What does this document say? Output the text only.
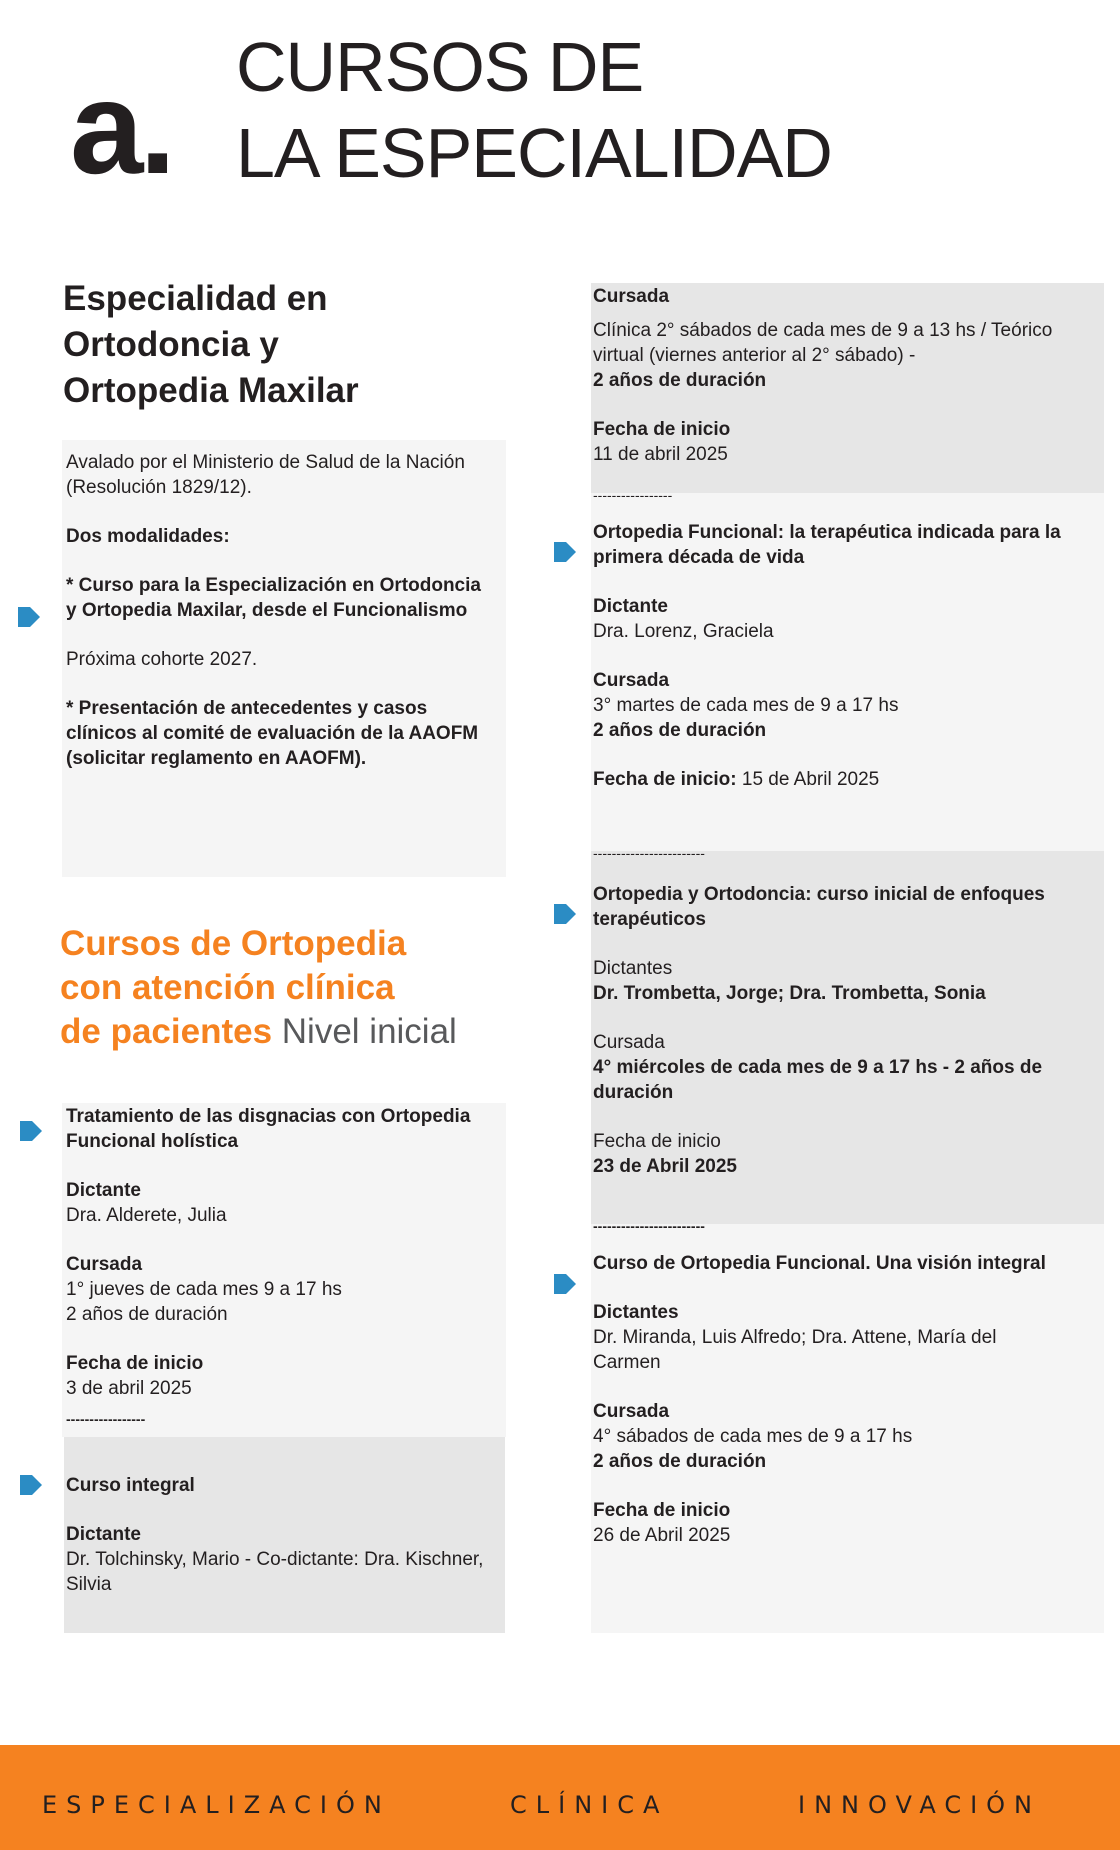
a. CURSOS DE
LA ESPECIALIDAD
Especialidad en
Ortodoncia y
Ortopedia Maxilar
Avalado por el Ministerio de Salud de la Nación (Resolución 1829/12).
Dos modalidades:
* Curso para la Especialización en Ortodoncia y Ortopedia Maxilar, desde el Funcionalismo
Próxima cohorte 2027.
* Presentación de antecedentes y casos clínicos al comité de evaluación de la AAOFM (solicitar reglamento en AAOFM).
Cursos de Ortopedia
con atención clínica
de pacientes Nivel inicial
Tratamiento de las disgnacias con Ortopedia Funcional holística
Dictante
Dra. Alderete, Julia
Cursada
1° jueves de cada mes 9 a 17 hs
2 años de duración
Fecha de inicio
3 de abril 2025
-----------------
Curso integral
Dictante
Dr. Tolchinsky, Mario - Co-dictante: Dra. Kischner, Silvia
Cursada
Clínica 2° sábados de cada mes de 9 a 13 hs / Teórico virtual (viernes anterior al 2° sábado) -
2 años de duración
Fecha de inicio
11 de abril 2025
-----------------
Ortopedia Funcional: la terapéutica indicada para la primera década de vida
Dictante
Dra. Lorenz, Graciela
Cursada
3° martes de cada mes de 9 a 17 hs
2 años de duración
Fecha de inicio: 15 de Abril 2025
------------------------
Ortopedia y Ortodoncia: curso inicial de enfoques terapéuticos
Dictantes
Dr. Trombetta, Jorge; Dra. Trombetta, Sonia
Cursada
4° miércoles de cada mes de 9 a 17 hs - 2 años de duración
Fecha de inicio
23 de Abril 2025
------------------------
Curso de Ortopedia Funcional. Una visión integral
Dictantes
Dr. Miranda, Luis Alfredo; Dra. Attene, María del Carmen
Cursada
4° sábados de cada mes de 9 a 17 hs
2 años de duración
Fecha de inicio
26 de Abril 2025
ESPECIALIZACIÓN	CLÍNICA	INNOVACIÓN
